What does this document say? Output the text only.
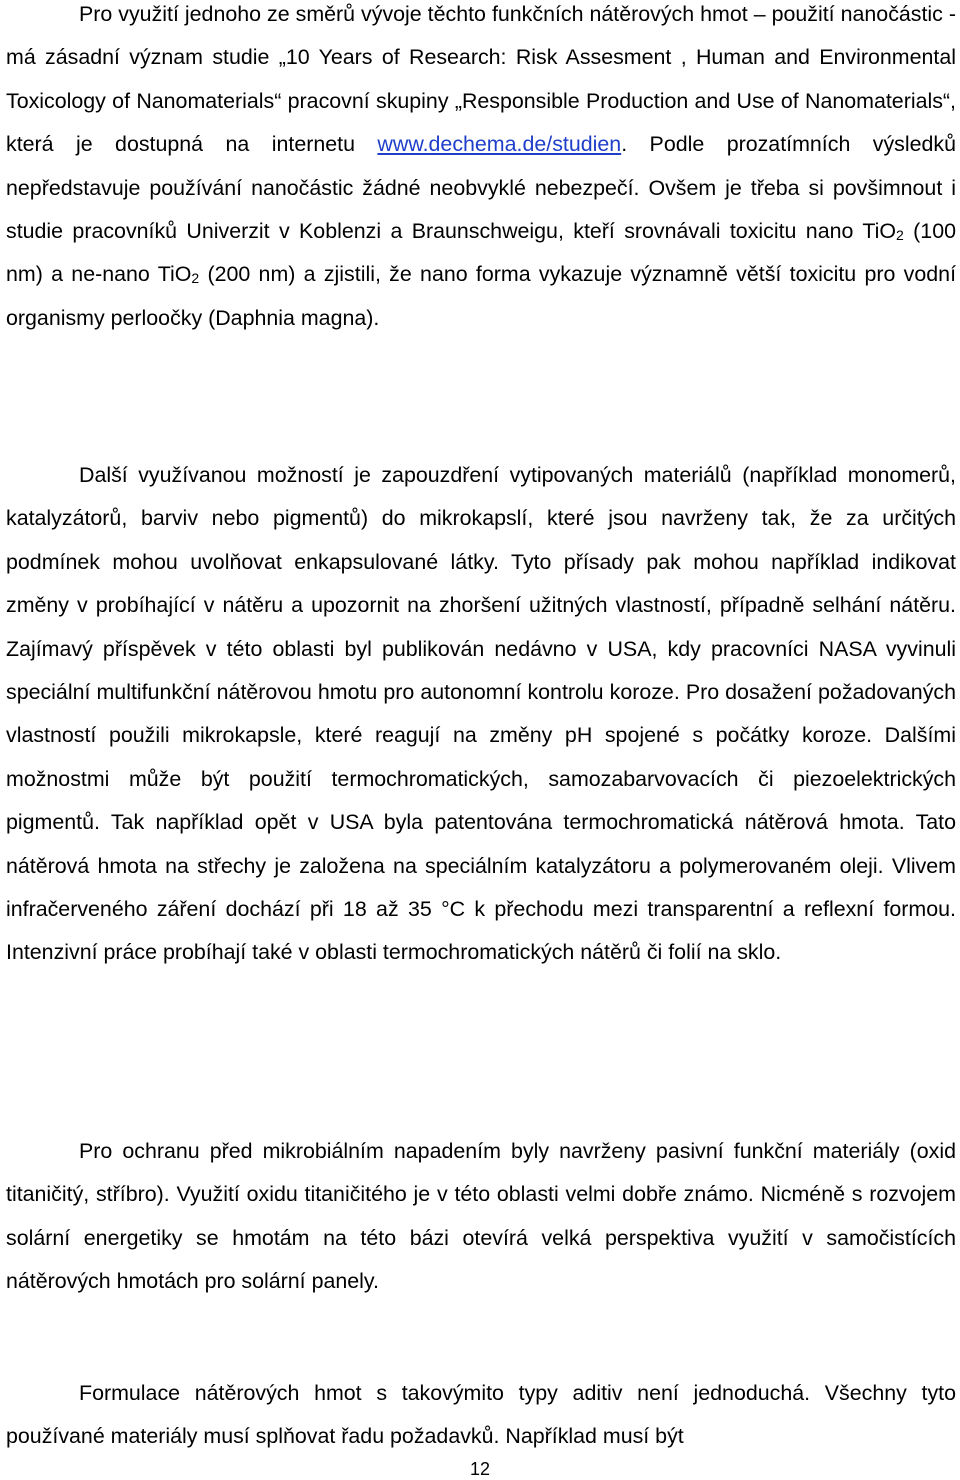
Pro využití jednoho ze směrů vývoje těchto funkčních nátěrových hmot – použití nanočástic - má zásadní význam studie „10 Years of Research: Risk Assesment , Human and Environmental Toxicology of Nanomaterials“ pracovní skupiny „Responsible Production and Use of Nanomaterials“, která je dostupná na internetu www.dechema.de/studien. Podle prozatímních výsledků nepředstavuje používání nanočástic žádné neobvyklé nebezpečí. Ovšem je třeba si povšimnout i studie pracovníků Univerzit v Koblenzi a Braunschweigu, kteří srovnávali toxicitu nano TiO$_2$ (100 nm) a ne-nano TiO$_2$ (200 nm) a zjistili, že nano forma vykazuje významně větší toxicitu pro vodní organismy perloočky (Daphnia magna).

Další využívanou možností je zapouzdření vytipovaných materiálů (například monomerů, katalyzátorů, barviv nebo pigmentů) do mikrokapslí, které jsou navrženy tak, že za určitých podmínek mohou uvolňovat enkapsulované látky. Tyto přísady pak mohou například indikovat změny v probíhající v nátěru a upozornit na zhoršení užitných vlastností, případně selhání nátěru. Zajímavý příspěvek v této oblasti byl publikován nedávno v USA, kdy pracovníci NASA vyvinuli speciální multifunkční nátěrovou hmotu pro autonomní kontrolu koroze. Pro dosažení požadovaných vlastností použili mikrokapsle, které reagují na změny pH spojené s počátky koroze. Dalšími možnostmi může být použití termochromatických, samozabarvovacích či piezoelektrických pigmentů. Tak například opět v USA byla patentována termochromatická nátěrová hmota. Tato nátěrová hmota na střechy je založena na speciálním katalyzátoru a polymerovaném oleji. Vlivem infračerveného záření dochází při 18 až 35 °C k přechodu mezi transparentní a reflexní formou. Intenzivní práce probíhají také v oblasti termochromatických nátěrů či folií na sklo.

Pro ochranu před mikrobiálním napadením byly navrženy pasivní funkční materiály (oxid titaničitý, stříbro). Využití oxidu titaničitého je v této oblasti velmi dobře známo. Nicméně s rozvojem solární energetiky se hmotám na této bázi otevírá velká perspektiva využití v samočistících nátěrových hmotách pro solární panely.

Formulace nátěrových hmot s takovýmito typy aditiv není jednoduchá. Všechny tyto používané materiály musí splňovat řadu požadavků. Například musí být

12
